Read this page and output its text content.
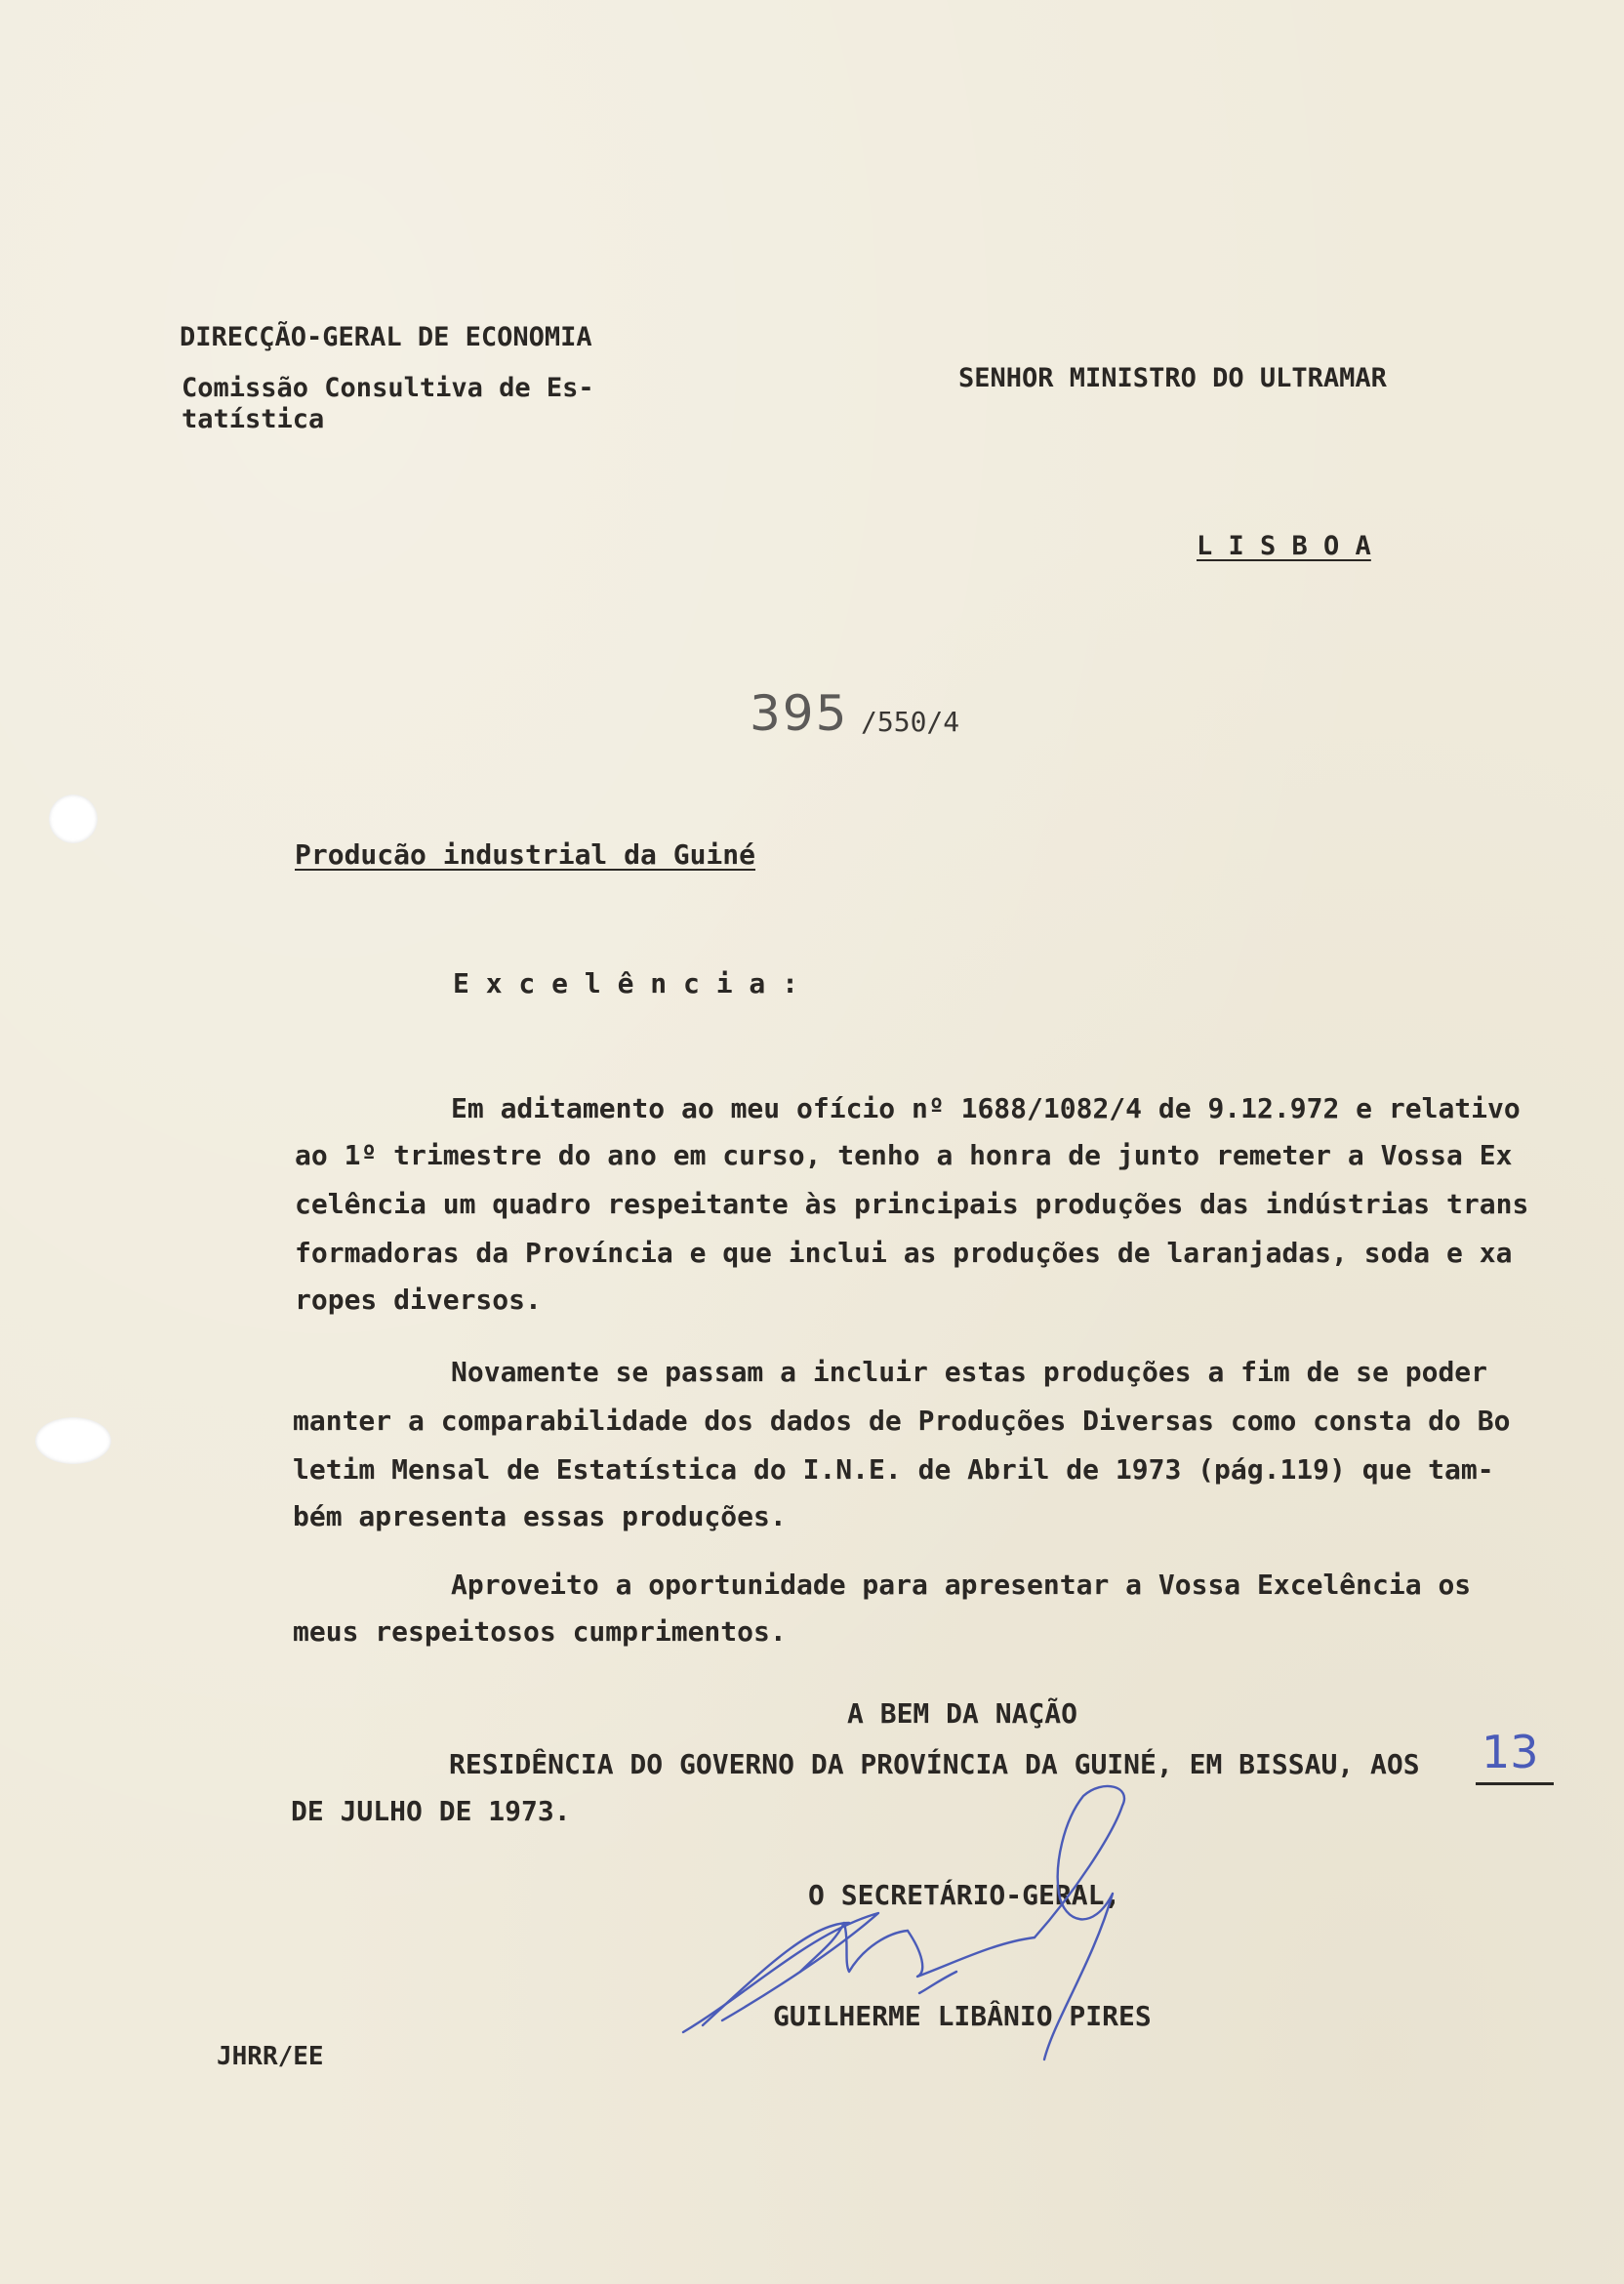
DIRECÇÃO-GERAL DE ECONOMIA
Comissão Consultiva de Es-
tatística
SENHOR MINISTRO DO ULTRAMAR
L I S B O A
395 /550/4
Producão industrial da Guiné
E x c e l ê n c i a :
Em aditamento ao meu ofício nº 1688/1082/4 de 9.12.972 e relativo
ao 1º trimestre do ano em curso, tenho a honra de junto remeter a Vossa Ex
celência um quadro respeitante às principais produções das indústrias trans
formadoras da Província e que inclui as produções de laranjadas, soda e xa
ropes diversos.
Novamente se passam a incluir estas produções a fim de se poder
manter a comparabilidade dos dados de Produções Diversas como consta do Bo
letim Mensal de Estatística do I.N.E. de Abril de 1973 (pág.119) que tam-
bém apresenta essas produções.
Aproveito a oportunidade para apresentar a Vossa Excelência os
meus respeitosos cumprimentos.
A BEM DA NAÇÃO
RESIDÊNCIA DO GOVERNO DA PROVÍNCIA DA GUINÉ, EM BISSAU, AOS 13
DE JULHO DE 1973.
O SECRETÁRIO-GERAL,
GUILHERME LIBÂNIO PIRES
JHRR/EE
